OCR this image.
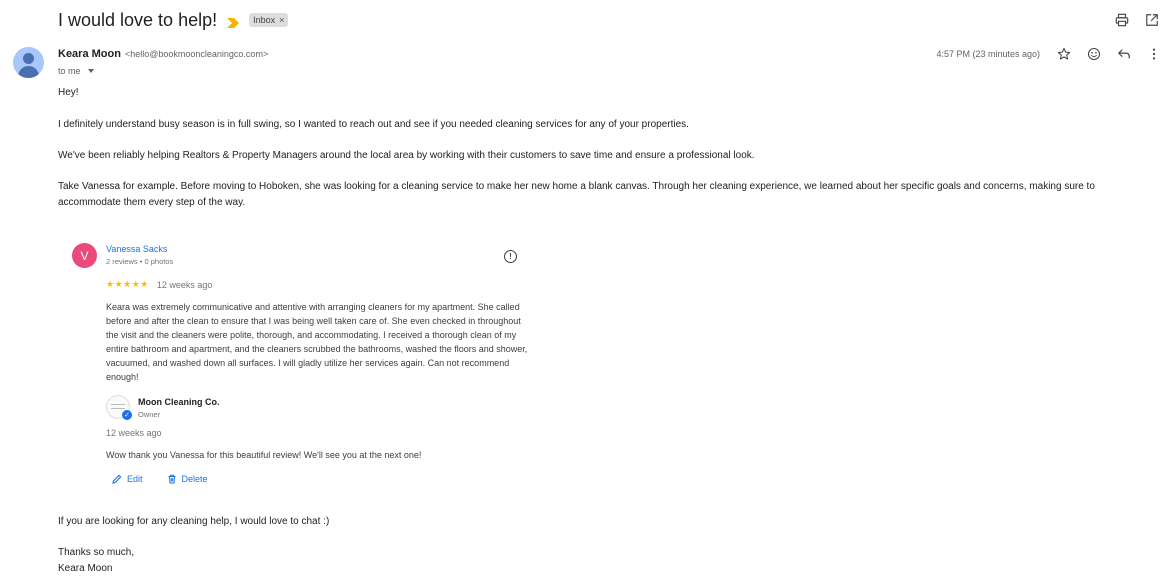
I would love to help!	Inbox ×
Keara Moon <hello@bookmooncleaningco.com>
to me
4:57 PM (23 minutes ago)

Hey!

I definitely understand busy season is in full swing, so I wanted to reach out and see if you needed cleaning services for any of your properties.

We've been reliably helping Realtors & Property Managers around the local area by working with their customers to save time and ensure a professional look.

Take Vanessa for example. Before moving to Hoboken, she was looking for a cleaning service to make her new home a blank canvas. Through her cleaning experience, we learned about her specific goals and concerns, making sure to accommodate them every step of the way.

V	Vanessa Sacks
2 reviews • 0 photos
!
★★★★★ 12 weeks ago

Keara was extremely communicative and attentive with arranging cleaners for my apartment. She called before and after the clean to ensure that I was being well taken care of. She even checked in throughout the visit and the cleaners were polite, thorough, and accommodating. I received a thorough clean of my entire bathroom and apartment, and the cleaners scrubbed the bathrooms, washed the floors and shower, vacuumed, and washed down all surfaces. I will gladly utilize her services again. Can not recommend enough!

✓
Moon Cleaning Co.
Owner
12 weeks ago
Wow thank you Vanessa for this beautiful review! We'll see you at the next one!
Edit	Delete

If you are looking for any cleaning help, I would love to chat :)

Thanks so much,

Keara Moon
